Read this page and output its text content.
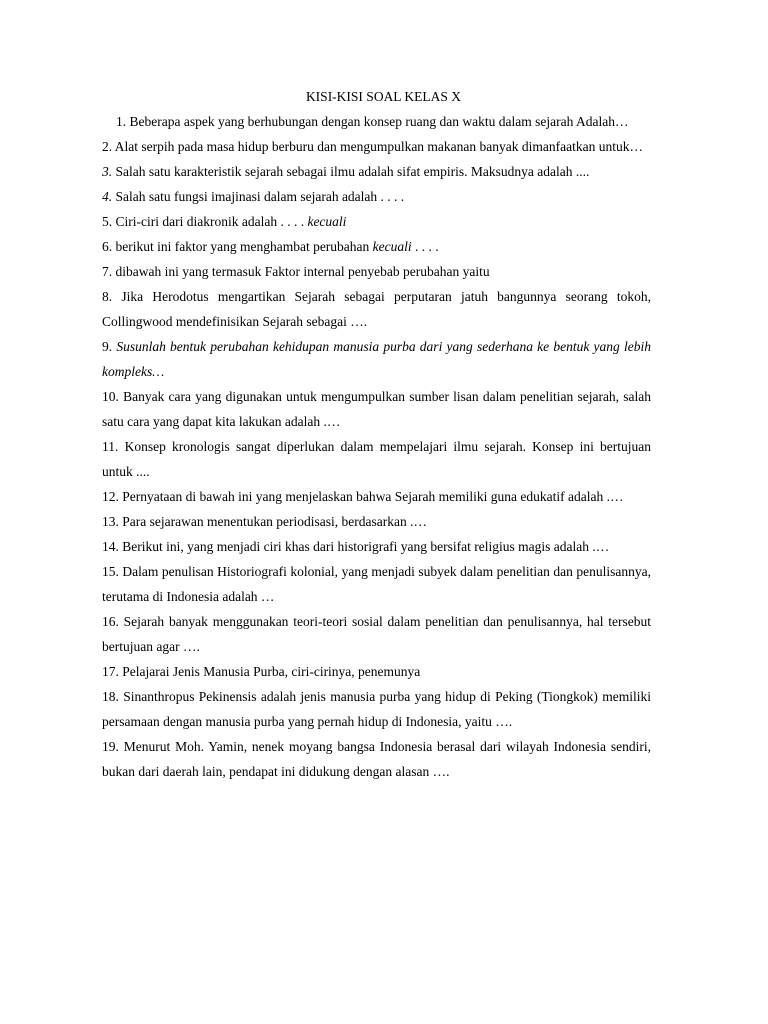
KISI-KISI SOAL KELAS X

1. Beberapa aspek yang berhubungan dengan konsep ruang dan waktu dalam sejarah Adalah…

2. Alat serpih pada masa hidup berburu dan mengumpulkan makanan banyak dimanfaatkan untuk…

3. Salah satu karakteristik sejarah sebagai ilmu adalah sifat empiris. Maksudnya adalah ....

4. Salah satu fungsi imajinasi dalam sejarah adalah . . . .

5. Ciri-ciri dari diakronik adalah . . . . kecuali

6. berikut ini faktor yang menghambat perubahan kecuali . . . .

7. dibawah ini yang termasuk Faktor internal penyebab perubahan yaitu

8. Jika Herodotus mengartikan Sejarah sebagai perputaran jatuh bangunnya seorang tokoh, Collingwood mendefinisikan Sejarah sebagai ….

9. Susunlah bentuk perubahan kehidupan manusia purba dari yang sederhana ke bentuk yang lebih kompleks…

10. Banyak cara yang digunakan untuk mengumpulkan sumber lisan dalam penelitian sejarah, salah satu cara yang dapat kita lakukan adalah .…

11. Konsep kronologis sangat diperlukan dalam mempelajari ilmu sejarah. Konsep ini bertujuan untuk ....

12. Pernyataan di bawah ini yang menjelaskan bahwa Sejarah memiliki guna edukatif adalah .…

13. Para sejarawan menentukan periodisasi, berdasarkan .…

14. Berikut ini, yang menjadi ciri khas dari historigrafi yang bersifat religius magis adalah .…

15. Dalam penulisan Historiografi kolonial, yang menjadi subyek dalam penelitian dan penulisannya, terutama di Indonesia adalah …

16. Sejarah banyak menggunakan teori-teori sosial dalam penelitian dan penulisannya, hal tersebut bertujuan agar ….

17. Pelajarai Jenis Manusia Purba, ciri-cirinya, penemunya

18. Sinanthropus Pekinensis adalah jenis manusia purba yang hidup di Peking (Tiongkok) memiliki persamaan dengan manusia purba yang pernah hidup di Indonesia, yaitu ….

19. Menurut Moh. Yamin, nenek moyang bangsa Indonesia berasal dari wilayah Indonesia sendiri, bukan dari daerah lain, pendapat ini didukung dengan alasan ….
